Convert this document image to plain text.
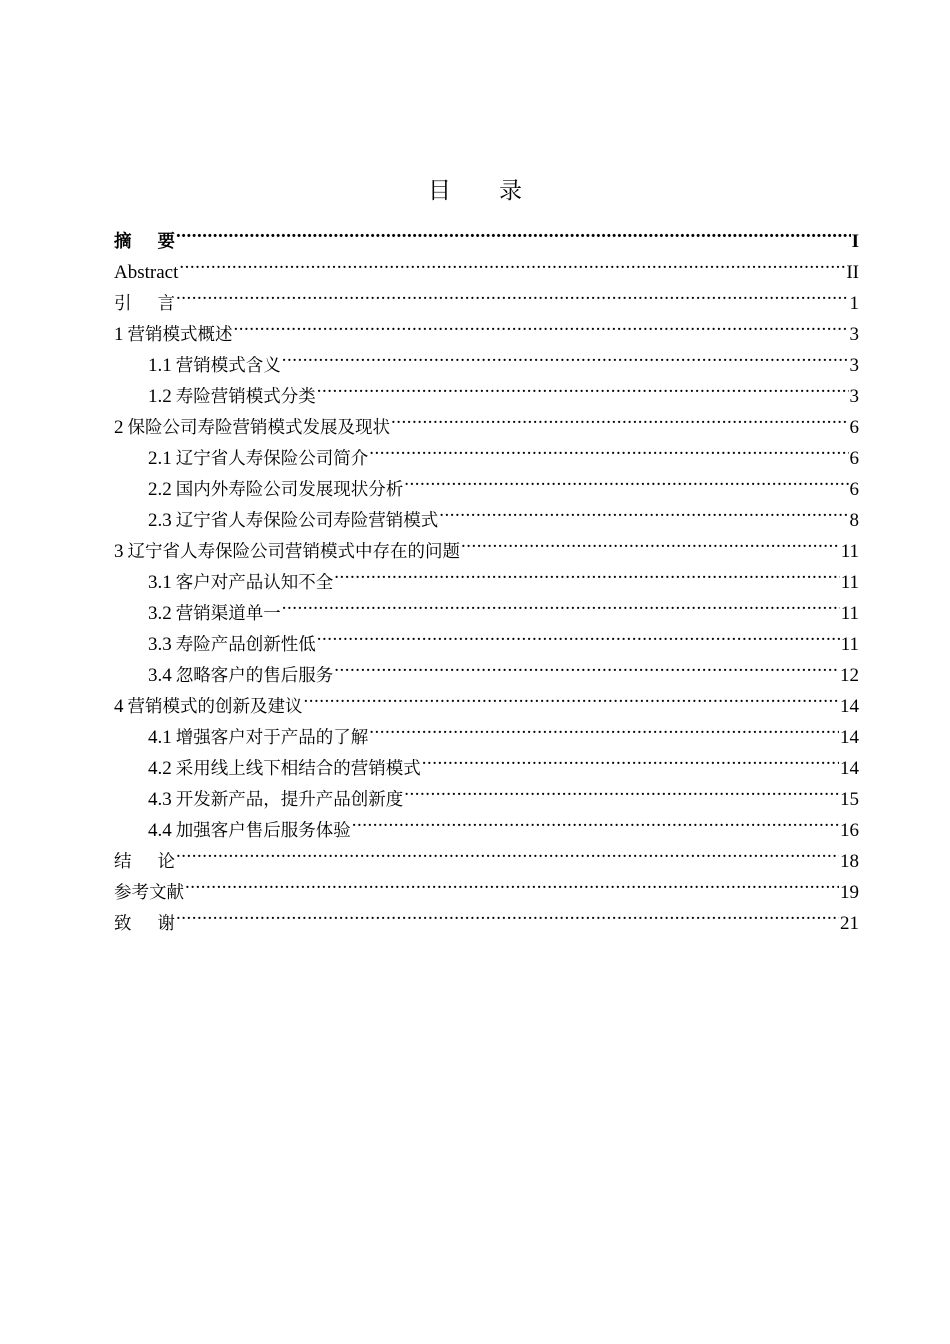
目 录
摘 要 .....	I
Abstract .....	II
引 言 .....	1
1 营销模式概述 .....	3
1.1 营销模式含义 .....	3
1.2 寿险营销模式分类 .....	3
2 保险公司寿险营销模式发展及现状 .....	6
2.1 辽宁省人寿保险公司简介 .....	6
2.2 国内外寿险公司发展现状分析 .....	6
2.3 辽宁省人寿保险公司寿险营销模式 .....	8
3 辽宁省人寿保险公司营销模式中存在的问题 .....	11
3.1 客户对产品认知不全 .....	11
3.2 营销渠道单一 .....	11
3.3 寿险产品创新性低 .....	11
3.4 忽略客户的售后服务 .....	12
4 营销模式的创新及建议 .....	14
4.1 增强客户对于产品的了解 .....	14
4.2 采用线上线下相结合的营销模式 .....	14
4.3 开发新产品，提升产品创新度 .....	15
4.4 加强客户售后服务体验 .....	16
结 论 .....	18
参考文献 .....	19
致 谢 .....	21
